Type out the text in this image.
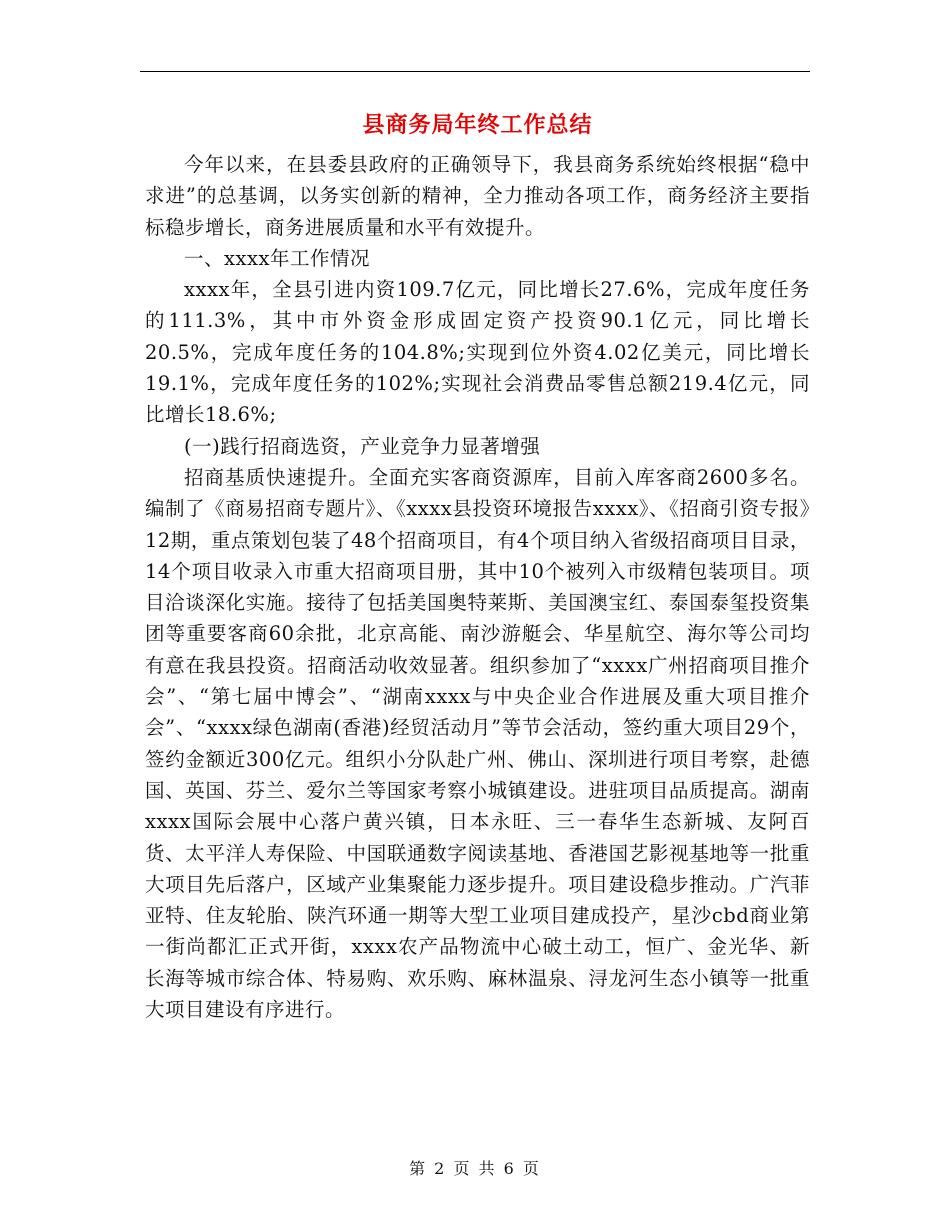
县商务局年终工作总结

今年以来，在县委县政府的正确领导下，我县商务系统始终根据“稳中求进”的总基调，以务实创新的精神，全力推动各项工作，商务经济主要指标稳步增长，商务进展质量和水平有效提升。

一、xxxx年工作情况

xxxx年，全县引进内资109.7亿元，同比增长27.6%，完成年度任务的111.3%，其中市外资金形成固定资产投资90.1亿元，同比增长20.5%，完成年度任务的104.8%;实现到位外资4.02亿美元，同比增长19.1%，完成年度任务的102%;实现社会消费品零售总额219.4亿元，同比增长18.6%;

(一)践行招商选资，产业竞争力显著增强

招商基质快速提升。全面充实客商资源库，目前入库客商2600多名。编制了《商易招商专题片》、《xxxx县投资环境报告xxxx》、《招商引资专报》12期，重点策划包装了48个招商项目，有4个项目纳入省级招商项目目录，14个项目收录入市重大招商项目册，其中10个被列入市级精包装项目。项目洽谈深化实施。接待了包括美国奥特莱斯、美国澳宝红、泰国泰玺投资集团等重要客商60余批，北京高能、南沙游艇会、华星航空、海尔等公司均有意在我县投资。招商活动收效显著。组织参加了“xxxx广州招商项目推介会”、“第七届中博会”、“湖南xxxx与中央企业合作进展及重大项目推介会”、“xxxx绿色湖南(香港)经贸活动月”等节会活动，签约重大项目29个，签约金额近300亿元。组织小分队赴广州、佛山、深圳进行项目考察，赴德国、英国、芬兰、爱尔兰等国家考察小城镇建设。进驻项目品质提高。湖南xxxx国际会展中心落户黄兴镇，日本永旺、三一春华生态新城、友阿百货、太平洋人寿保险、中国联通数字阅读基地、香港国艺影视基地等一批重大项目先后落户，区域产业集聚能力逐步提升。项目建设稳步推动。广汽菲亚特、住友轮胎、陕汽环通一期等大型工业项目建成投产，星沙cbd商业第一街尚都汇正式开街，xxxx农产品物流中心破土动工，恒广、金光华、新长海等城市综合体、特易购、欢乐购、麻林温泉、浔龙河生态小镇等一批重大项目建设有序进行。

第 2 页 共 6 页
